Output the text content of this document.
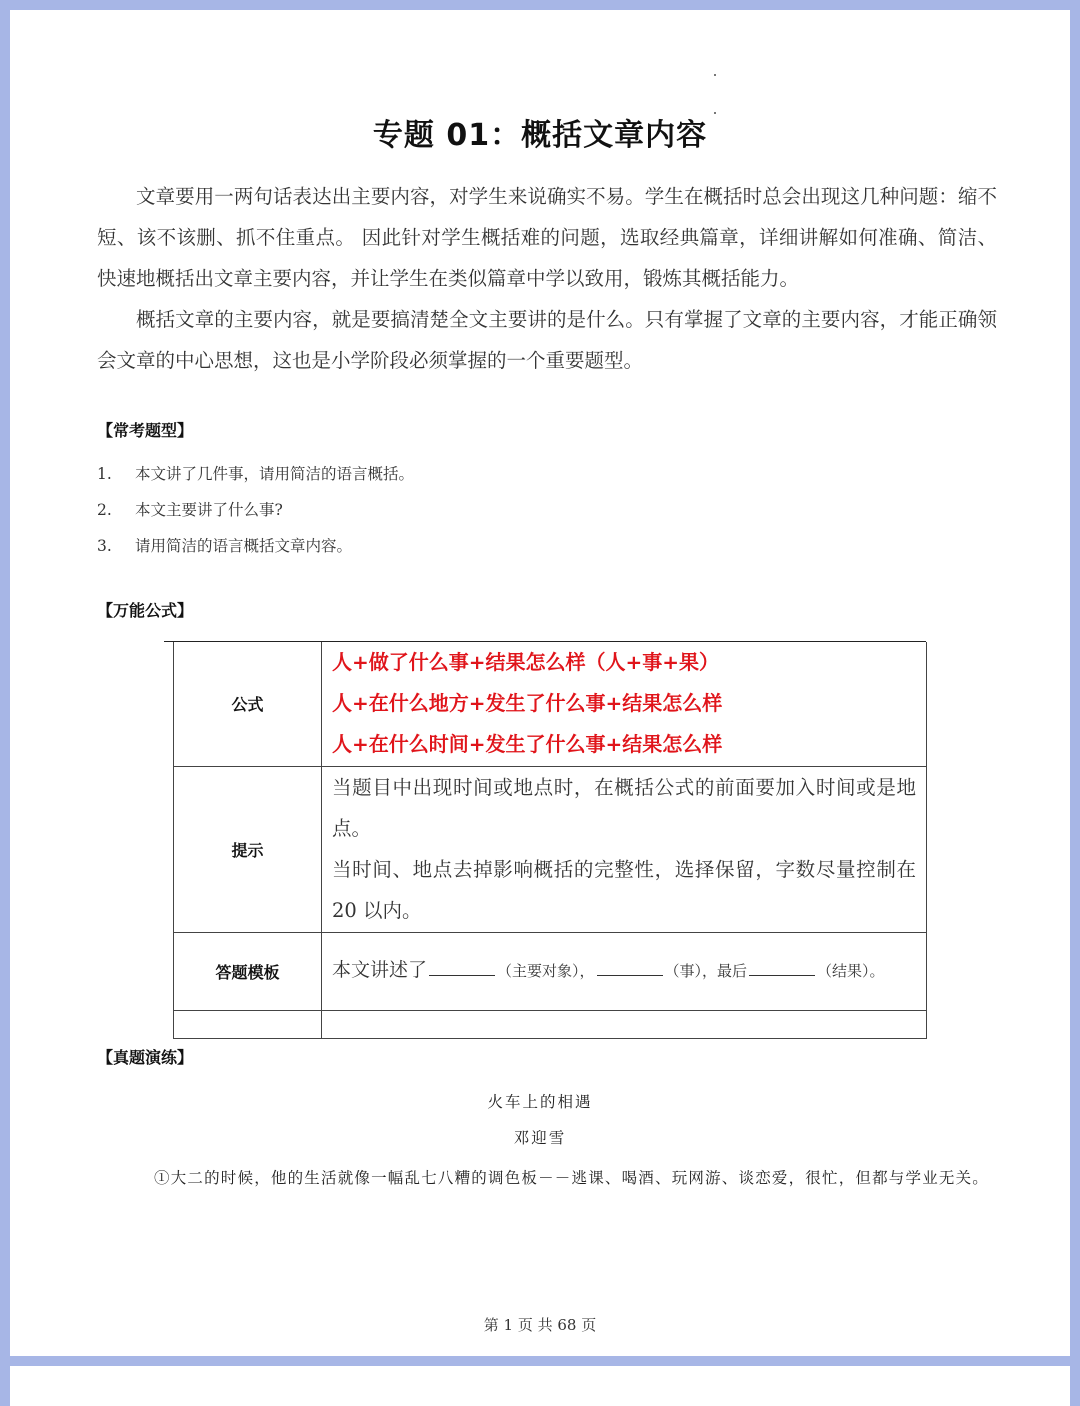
专题 01：概括文章内容

文章要用一两句话表达出主要内容，对学生来说确实不易。学生在概括时总会出现这几种问题：缩不短、该不该删、抓不住重点。 因此针对学生概括难的问题，选取经典篇章，详细讲解如何准确、简洁、快速地概括出文章主要内容，并让学生在类似篇章中学以致用，锻炼其概括能力。

概括文章的主要内容，就是要搞清楚全文主要讲的是什么。只有掌握了文章的主要内容，才能正确领会文章的中心思想，这也是小学阶段必须掌握的一个重要题型。

【常考题型】
1. 本文讲了几件事，请用简洁的语言概括。
2. 本文主要讲了什么事?
3. 请用简洁的语言概括文章内容。
【万能公式】
公式	人+做了什么事+结果怎么样（人+事+果）
人+在什么地方+发生了什么事+结果怎么样
人+在什么时间+发生了什么事+结果怎么样

提示	当题目中出现时间或地点时，在概括公式的前面要加入时间或是地点。
当时间、地点去掉影响概括的完整性，选择保留，字数尽量控制在 20 以内。

答题模板	本文讲述了 （主要对象）， （事），最后 （结果）。

【真题演练】
火车上的相遇
邓迎雪

①大二的时候，他的生活就像一幅乱七八糟的调色板－－逃课、喝酒、玩网游、谈恋爱，很忙，但都与学业无关。

第 1 页 共 68 页
